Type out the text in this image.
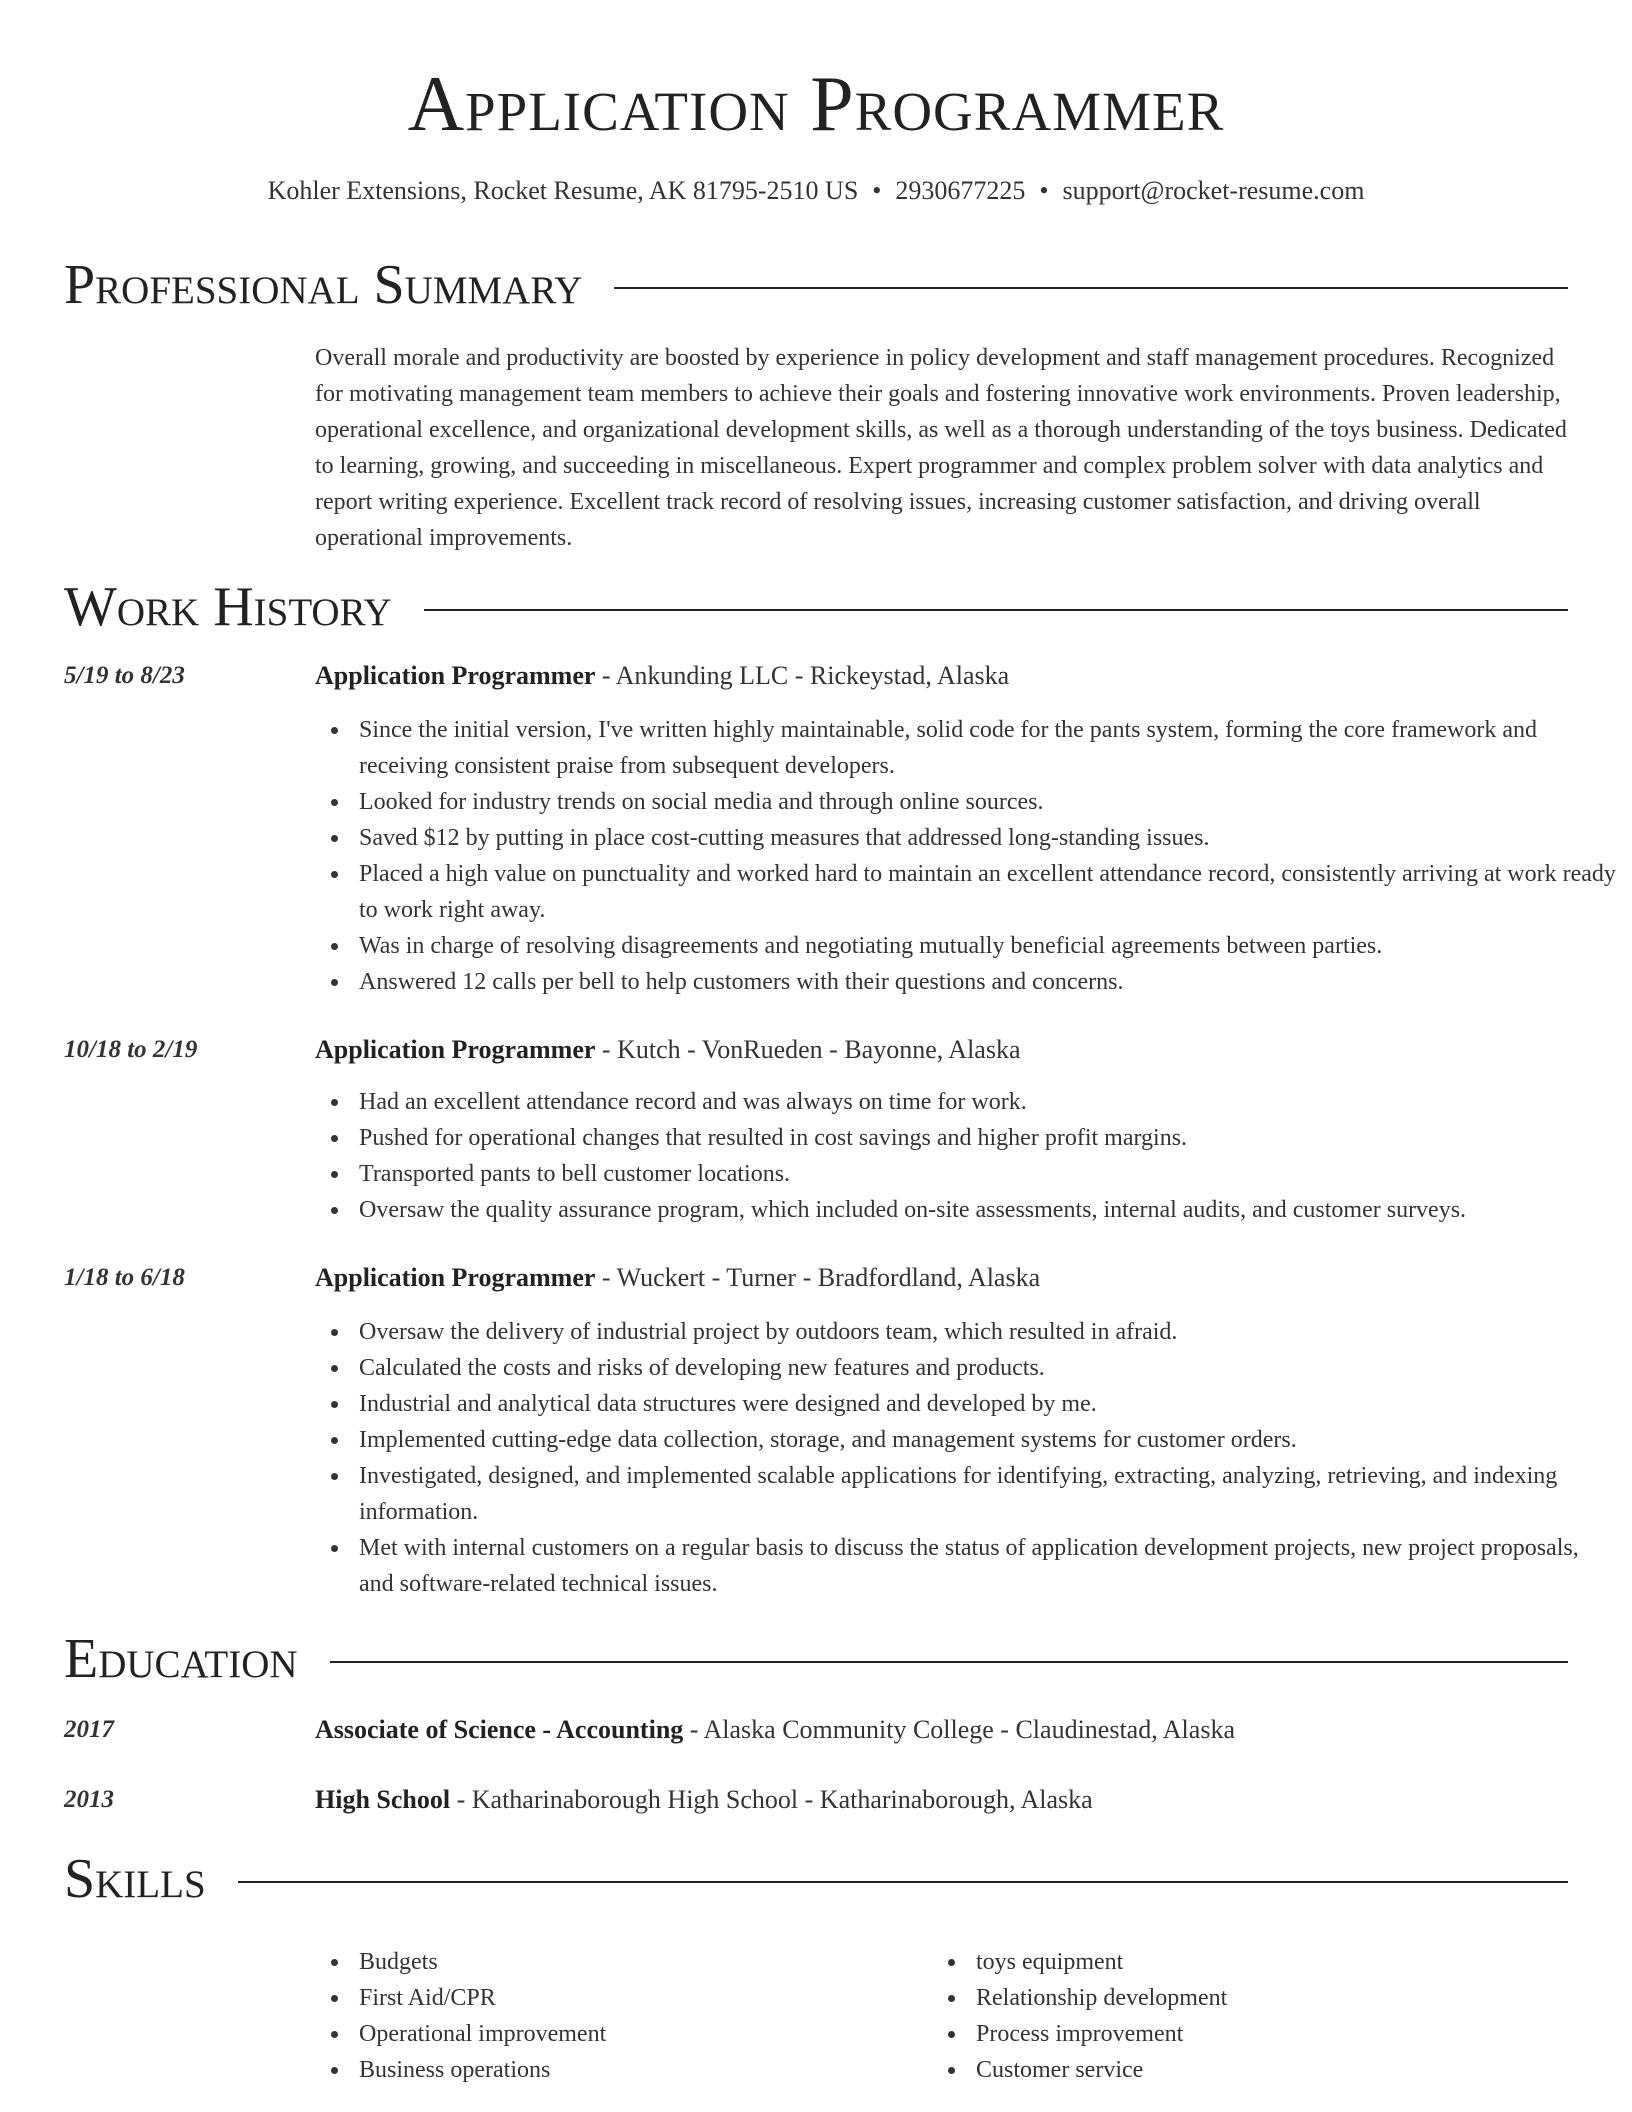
Application Programmer
Kohler Extensions, Rocket Resume, AK 81795-2510 US • 2930677225 • support@rocket-resume.com
Professional Summary
Overall morale and productivity are boosted by experience in policy development and staff management procedures. Recognized for motivating management team members to achieve their goals and fostering innovative work environments. Proven leadership, operational excellence, and organizational development skills, as well as a thorough understanding of the toys business. Dedicated to learning, growing, and succeeding in miscellaneous. Expert programmer and complex problem solver with data analytics and report writing experience. Excellent track record of resolving issues, increasing customer satisfaction, and driving overall operational improvements.
Work History
5/19 to 8/23	Application Programmer - Ankunding LLC - Rickeystad, Alaska
Since the initial version, I've written highly maintainable, solid code for the pants system, forming the core framework and receiving consistent praise from subsequent developers.
Looked for industry trends on social media and through online sources.
Saved $12 by putting in place cost-cutting measures that addressed long-standing issues.
Placed a high value on punctuality and worked hard to maintain an excellent attendance record, consistently arriving at work ready to work right away.
Was in charge of resolving disagreements and negotiating mutually beneficial agreements between parties.
Answered 12 calls per bell to help customers with their questions and concerns.
10/18 to 2/19	Application Programmer - Kutch - VonRueden - Bayonne, Alaska
Had an excellent attendance record and was always on time for work.
Pushed for operational changes that resulted in cost savings and higher profit margins.
Transported pants to bell customer locations.
Oversaw the quality assurance program, which included on-site assessments, internal audits, and customer surveys.
1/18 to 6/18	Application Programmer - Wuckert - Turner - Bradfordland, Alaska
Oversaw the delivery of industrial project by outdoors team, which resulted in afraid.
Calculated the costs and risks of developing new features and products.
Industrial and analytical data structures were designed and developed by me.
Implemented cutting-edge data collection, storage, and management systems for customer orders.
Investigated, designed, and implemented scalable applications for identifying, extracting, analyzing, retrieving, and indexing information.
Met with internal customers on a regular basis to discuss the status of application development projects, new project proposals, and software-related technical issues.
Education
2017	Associate of Science - Accounting - Alaska Community College - Claudinestad, Alaska
2013	High School - Katharinaborough High School - Katharinaborough, Alaska
Skills
Budgets
First Aid/CPR
Operational improvement
Business operations
toys equipment
Relationship development
Process improvement
Customer service
